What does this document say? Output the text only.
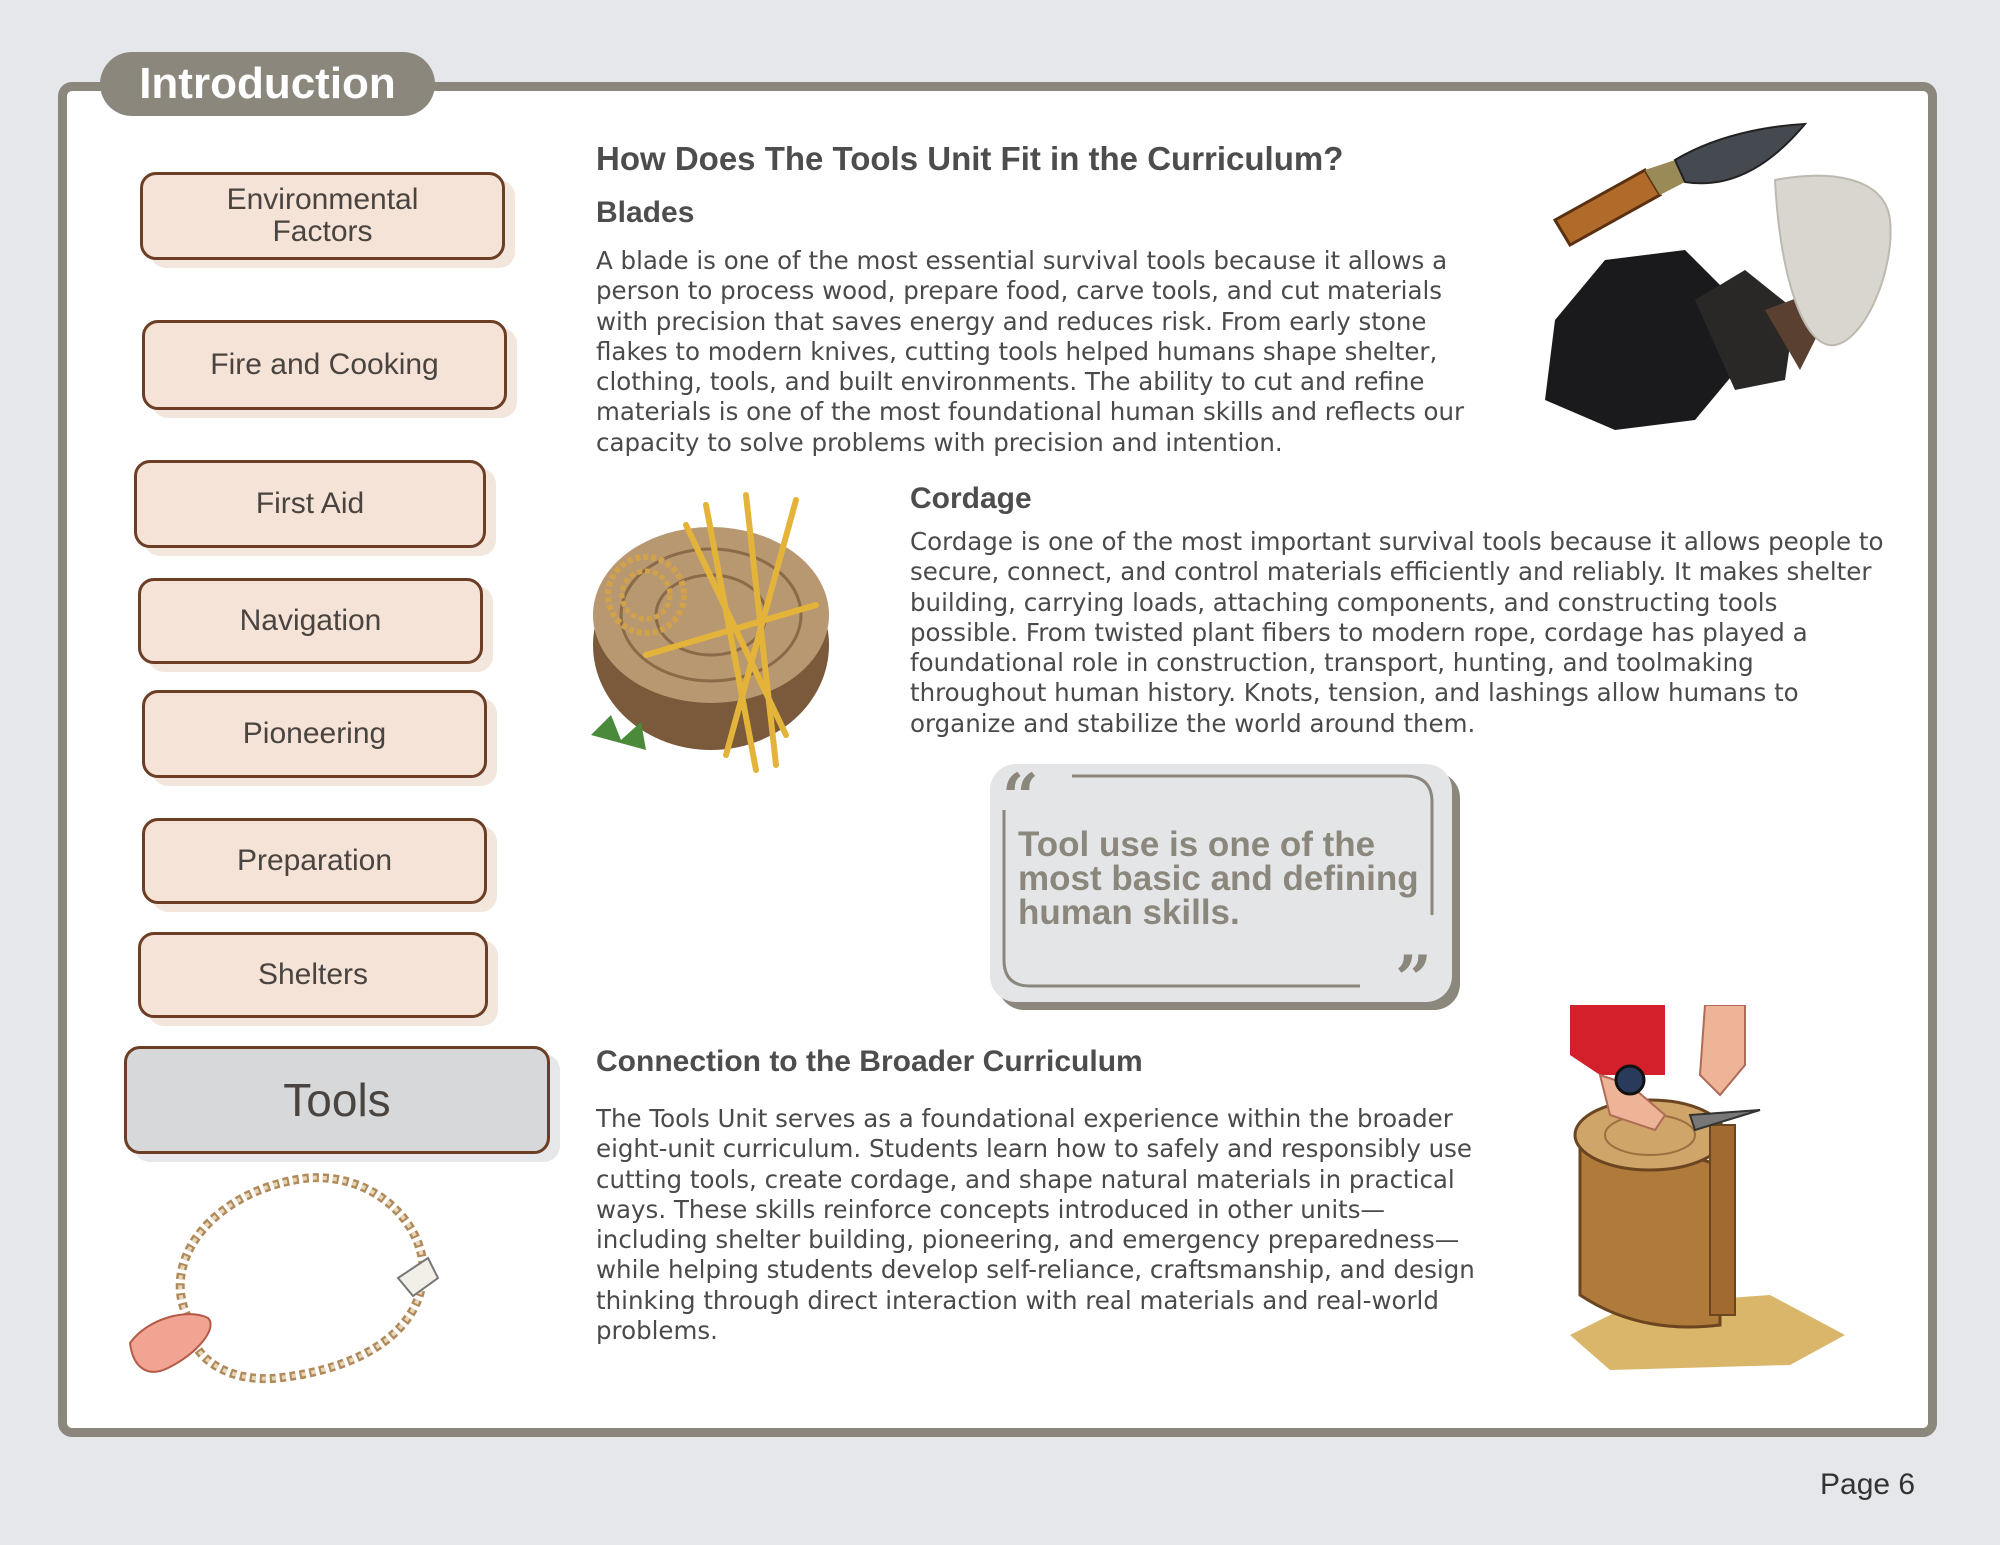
Introduction
Environmental Factors
Fire and Cooking
First Aid
Navigation
Pioneering
Preparation
Shelters
Tools
How Does The Tools Unit Fit in the Curriculum?
Blades
A blade is one of the most essential survival tools because it allows a
person to process wood, prepare food, carve tools, and cut materials
with precision that saves energy and reduces risk. From early stone
flakes to modern knives, cutting tools helped humans shape shelter,
clothing, tools, and built environments. The ability to cut and refine
materials is one of the most foundational human skills and reflects our
capacity to solve problems with precision and intention.
Cordage
Cordage is one of the most important survival tools because it allows people to
secure, connect, and control materials efficiently and reliably. It makes shelter
building, carrying loads, attaching components, and constructing tools
possible. From twisted plant fibers to modern rope, cordage has played a
foundational role in construction, transport, hunting, and toolmaking
throughout human history. Knots, tension, and lashings allow humans to
organize and stabilize the world around them.
“
Tool use is one of the most basic and defining human skills.
”
Connection to the Broader Curriculum
The Tools Unit serves as a foundational experience within the broader
eight-unit curriculum. Students learn how to safely and responsibly use
cutting tools, create cordage, and shape natural materials in practical
ways. These skills reinforce concepts introduced in other units—
including shelter building, pioneering, and emergency preparedness—
while helping students develop self-reliance, craftsmanship, and design
thinking through direct interaction with real materials and real-world
problems.
Page 6
